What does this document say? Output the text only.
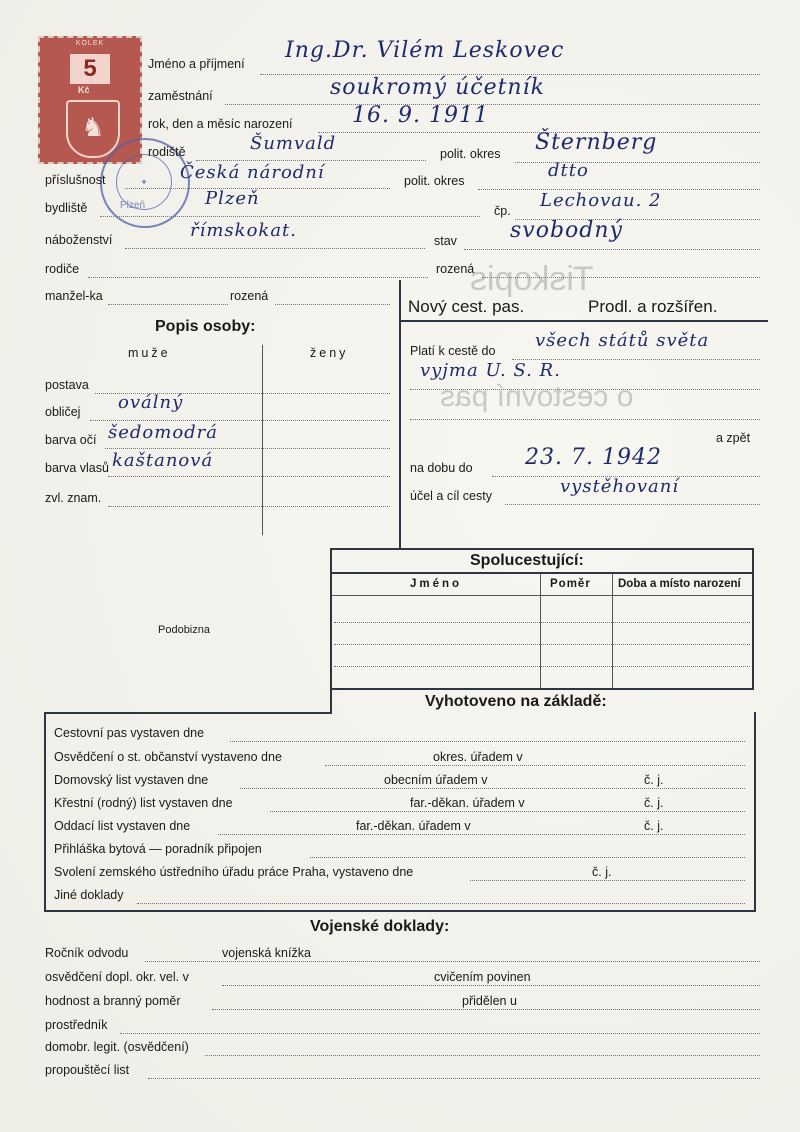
Tiskopis
o cestovní pas
KOLEK
5
Kč
♞
✦
Plzeň
Jméno a příjmení
Ing.Dr. Vilém Leskovec
zaměstnání	soukromý účetník
rok, den a měsíc narození	16. 9. 1911
rodiště	Šumvald	polit. okres Šternberg
příslušnost	Česká národní	polit. okres	dtto
bydliště	Plzeň
čp. Lechovau. 2
náboženství	římskokat.	stav svobodný
rodiče	rozená
manžel-ka	rozená
Nový cest. pas.	Prodl. a rozšířen.
Platí k cestě do všech států světa
vyjma U. S. R.
a zpět
na dobu do 23. 7. 1942
účel a cíl cesty	vystěhovaní
Popis osoby:
muže	ženy
postava
obličej oválný
barva očí šedomodrá
barva vlasů kaštanová
zvl. znam.
Podobizna
Spolucestující:
Jméno	Poměr Doba a místo narození
Vyhotoveno na základě:
Cestovní pas vystaven dne
Osvědčení o st. občanství vystaveno dne	okres. úřadem v
Domovský list vystaven dne	obecním úřadem v	č. j.
Křestní (rodný) list vystaven dne	far.-děkan. úřadem v	č. j.
Oddací list vystaven dne	far.-děkan. úřadem v	č. j.
Přihláška bytová — poradník připojen
Svolení zemského ústředního úřadu práce Praha, vystaveno dne	č. j.
Jiné doklady
Vojenské doklady:
Ročník odvodu	vojenská knížka
osvědčení dopl. okr. vel. v	cvičením povinen
hodnost a branný poměr	přidělen u
prostředník
domobr. legit. (osvědčení)
propouštěcí list
